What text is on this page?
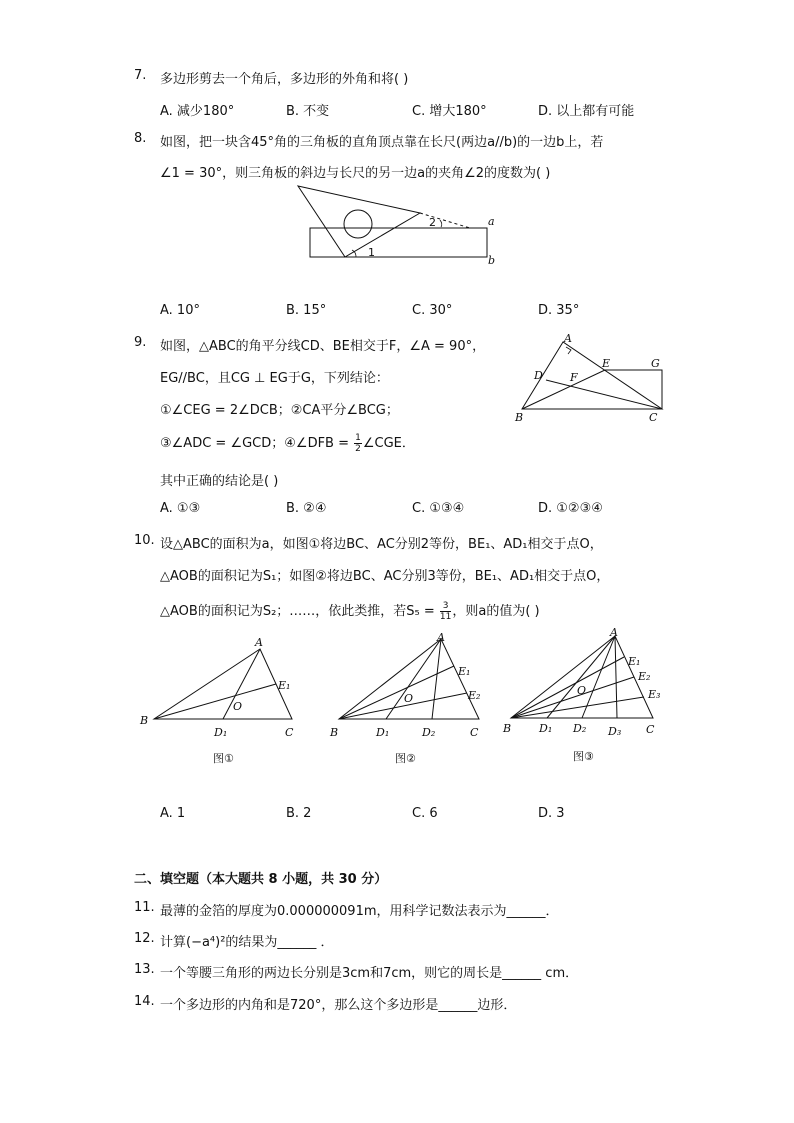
7. 多边形剪去一个角后，多边形的外角和将( )
A. 减少180°	B. 不变	C. 增大180°	D. 以上都有可能
8. 如图，把一块含45°角的三角板的直角顶点靠在长尺(两边a//b)的一边b上，若
∠1 = 30°，则三角板的斜边与长尺的另一边a的夹角∠2的度数为( )
1
2	a
b
A. 10°	B. 15°	C. 30°	D. 35°
9. 如图，△ABC的角平分线CD、BE相交于F，∠A = 90°，
EG//BC，且CG ⊥ EG于G，下列结论：
①∠CEG = 2∠DCB；②CA平分∠BCG；
③∠ADC = ∠GCD；④∠DFB = $\frac{1}{2}$ ∠CGE．
其中正确的结论是( )
A
B	C
D
E
F
G
A. ①③	B. ②④	C. ①③④	D. ①②③④
10. 设△ABC的面积为a，如图①将边BC、AC分别2等份，BE₁、AD₁相交于点O，
△AOB的面积记为S₁；如图②将边BC、AC分别3等份，BE₁、AD₁相交于点O，
△AOB的面积记为S₂；……，依此类推，若$S_5 = \frac{3}{11}$ ，则a的值为( )
A
B
C
O
D₁
E₁
图①
A
B	C
O
D₁	D₂
E₁
E₂
图②
A
B	C
O
D₁ D₂ D₃
E₁
E₂
E₃
图③
A. 1	B. 2	C. 6	D. 3
二、填空题（本大题共 8 小题，共 30 分）
11. 最薄的金箔的厚度为0.000000091m，用科学记数法表示为______．
12. 计算(−a⁴)²的结果为______ ．
13. 一个等腰三角形的两边长分别是3cm和7cm，则它的周长是______ cm．
14. 一个多边形的内角和是720°，那么这个多边形是______边形．
